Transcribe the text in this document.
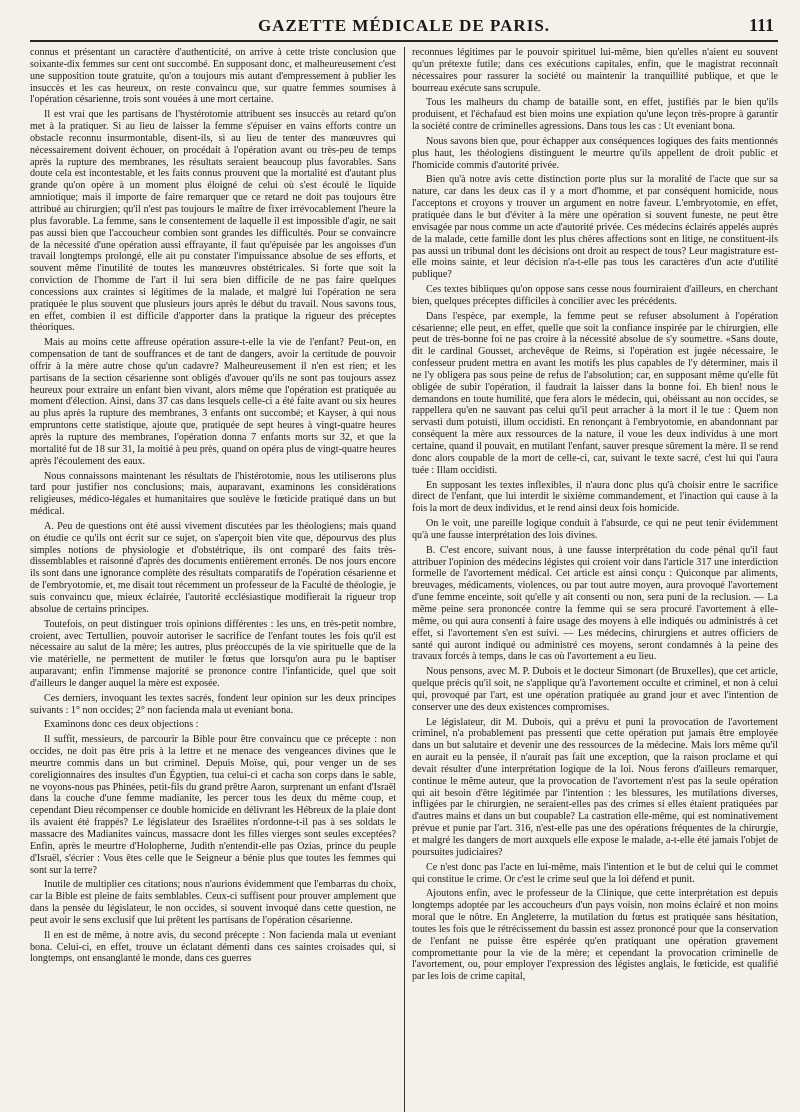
GAZETTE MÉDICALE DE PARIS.	111

connus et présentant un caractère d'authenticité, on arrive à cette triste conclusion que soixante-dix femmes sur cent ont succombé. En supposant donc, et malheureusement c'est une supposition toute gratuite, qu'on a toujours mis autant d'empressement à publier les insuccès et les cas heureux, on reste convaincu que, sur quatre femmes soumises à l'opération césarienne, trois sont vouées à une mort certaine.

Il est vrai que les partisans de l'hystérotomie attribuent ses insuccès au retard qu'on met à la pratiquer. Si au lieu de laisser la femme s'épuiser en vains efforts contre un obstacle reconnu insurmontable, disent-ils, si au lieu de tenter des manœuvres qui nécessairement doivent échouer, on procédait à l'opération avant ou très-peu de temps après la rupture des membranes, les résultats seraient beaucoup plus favorables. Sans doute cela est incontestable, et les faits connus prouvent que la mortalité est d'autant plus grande qu'on opère à un moment plus éloigné de celui où s'est écoulé le liquide amniotique; mais il importe de faire remarquer que ce retard ne doit pas toujours être attribué au chirurgien; qu'il n'est pas toujours le maître de fixer irrévocablement l'heure la plus favorable. La femme, sans le consentement de laquelle il est impossible d'agir, ne sait pas aussi bien que l'accoucheur combien sont grandes les difficultés. Pour se convaincre de la nécessité d'une opération aussi effrayante, il faut qu'épuisée par les angoisses d'un travail longtemps prolongé, elle ait pu constater l'impuissance absolue de ses efforts, et souvent même l'inutilité de toutes les manœuvres obstétricales. Si forte que soit la conviction de l'homme de l'art il lui sera bien difficile de ne pas faire quelques concessions aux craintes si légitimes de la malade, et malgré lui l'opération ne sera pratiquée le plus souvent que plusieurs jours après le début du travail. Nous savons tous, en effet, combien il est difficile d'apporter dans la pratique la rigueur des préceptes théoriques.

Mais au moins cette affreuse opération assure-t-elle la vie de l'enfant? Peut-on, en compensation de tant de souffrances et de tant de dangers, avoir la certitude de pouvoir offrir à la mère autre chose qu'un cadavre? Malheureusement il n'en est rien; et les partisans de la section césarienne sont obligés d'avouer qu'ils ne sont pas toujours assez heureux pour extraire un enfant bien vivant, alors même que l'opération est pratiquée au moment d'élection. Ainsi, dans 37 cas dans lesquels celle-ci a été faite avant ou six heures au plus après la rupture des membranes, 3 enfants ont succombé; et Kayser, à qui nous empruntons cette statistique, ajoute que, pratiquée de sept heures à vingt-quatre heures après la rupture des membranes, l'opération donna 7 enfants morts sur 32, et que la mortalité fut de 18 sur 31, la moitié à peu près, quand on opéra plus de vingt-quatre heures après l'écoulement des eaux.

Nous connaissons maintenant les résultats de l'histérotomie, nous les utiliserons plus tard pour justifier nos conclusions; mais, auparavant, examinons les considérations religieuses, médico-légales et humanitaires que soulève le fœticide pratiqué dans un but médical.

A. Peu de questions ont été aussi vivement discutées par les théologiens; mais quand on étudie ce qu'ils ont écrit sur ce sujet, on s'aperçoit bien vite que, dépourvus des plus simples notions de physiologie et d'obstétrique, ils ont comparé des faits très-dissemblables et raisonné d'après des documents entièrement erronés. De nos jours encore ils sont dans une ignorance complète des résultats comparatifs de l'opération césarienne et de l'embryotomie, et, me disait tout récemment un professeur de la Faculté de théologie, je suis convaincu que, mieux éclairée, l'autorité ecclésiastique modifierait la rigueur trop absolue de certains principes.

Toutefois, on peut distinguer trois opinions différentes : les uns, en très-petit nombre, croient, avec Tertullien, pouvoir autoriser le sacrifice de l'enfant toutes les fois qu'il est nécessaire au salut de la mère; les autres, plus préoccupés de la vie spirituelle que de la vie matérielle, ne permettent de mutiler le fœtus que lorsqu'on aura pu le baptiser auparavant; enfin l'immense majorité se prononce contre l'infanticide, quel que soit d'ailleurs le danger auquel la mère est exposée.

Ces derniers, invoquant les textes sacrés, fondent leur opinion sur les deux principes suivants : 1° non occides; 2° non facienda mala ut eveniant bona.

Examinons donc ces deux objections :

Il suffit, messieurs, de parcourir la Bible pour être convaincu que ce précepte : non occides, ne doit pas être pris à la lettre et ne menace des vengeances divines que le meurtre commis dans un but criminel. Depuis Moïse, qui, pour venger un de ses coreligionnaires des insultes d'un Égyptien, tua celui-ci et cacha son corps dans le sable, ne voyons-nous pas Phinées, petit-fils du grand prêtre Aaron, surprenant un enfant d'Israël dans la couche d'une femme madianite, les percer tous les deux du même coup, et cependant Dieu récompenser ce double homicide en délivrant les Hébreux de la plaie dont ils avaient été frappés? Le législateur des Israélites n'ordonne-t-il pas à ses soldats le massacre des Madianites vaincus, massacre dont les filles vierges sont seules exceptées? Enfin, après le meurtre d'Holopherne, Judith n'entendit-elle pas Ozias, prince du peuple d'Israël, s'écrier : Vous êtes celle que le Seigneur a bénie plus que toutes les femmes qui sont sur la terre?

Inutile de multiplier ces citations; nous n'aurions évidemment que l'embarras du choix, car la Bible est pleine de faits semblables. Ceux-ci suffisent pour prouver amplement que dans la pensée du législateur, le non occides, si souvent invoqué dans cette question, ne peut avoir le sens exclusif que lui prêtent les partisans de l'opération césarienne.

Il en est de même, à notre avis, du second précepte : Non facienda mala ut eveniant bona. Celui-ci, en effet, trouve un éclatant démenti dans ces saintes croisades qui, si longtemps, ont ensanglanté le monde, dans ces guerres

reconnues légitimes par le pouvoir spirituel lui-même, bien qu'elles n'aient eu souvent qu'un prétexte futile; dans ces exécutions capitales, enfin, que le magistrat reconnaît nécessaires pour rassurer la société ou maintenir la tranquillité publique, et que le bourreau exécute sans scrupule.

Tous les malheurs du champ de bataille sont, en effet, justifiés par le bien qu'ils produisent, et l'échafaud est bien moins une expiation qu'une leçon très-propre à garantir la société contre de criminelles agressions. Dans tous les cas : Ut eveniant bona.

Nous savons bien que, pour échapper aux conséquences logiques des faits mentionnés plus haut, les théologiens distinguent le meurtre qu'ils appellent de droit public et l'homicide commis d'autorité privée.

Bien qu'à notre avis cette distinction porte plus sur la moralité de l'acte que sur sa nature, car dans les deux cas il y a mort d'homme, et par conséquent homicide, nous l'acceptons et croyons y trouver un argument en notre faveur. L'embryotomie, en effet, pratiquée dans le but d'éviter à la mère une opération si souvent funeste, ne peut être envisagée par nous comme un acte d'autorité privée. Ces médecins éclairés appelés auprès de la malade, cette famille dont les plus chères affections sont en litige, ne constituent-ils pas aussi un tribunal dont les décisions ont droit au respect de tous? Leur magistrature est-elle moins sainte, et leur décision n'a-t-elle pas tous les caractères d'un acte d'utilité publique?

Ces textes bibliques qu'on oppose sans cesse nous fourniraient d'ailleurs, en cherchant bien, quelques préceptes difficiles à concilier avec les précédents.

Dans l'espèce, par exemple, la femme peut se refuser absolument à l'opération césarienne; elle peut, en effet, quelle que soit la confiance inspirée par le chirurgien, elle peut de très-bonne foi ne pas croire à la nécessité absolue de s'y soumettre. «Sans doute, dit le cardinal Gousset, archevêque de Reims, si l'opération est jugée nécessaire, le confesseur prudent mettra en avant les motifs les plus capables de l'y déterminer, mais il ne l'y obligera pas sous peine de refus de l'absolution; car, en supposant même qu'elle fût obligée de subir l'opération, il faudrait la laisser dans la bonne foi. Eh bien! nous le demandons en toute humilité, que fera alors le médecin, qui, obéissant au non occides, se rappellera qu'en ne sauvant pas celui qu'il peut arracher à la mort il le tue : Quem non servasti dum potuisti, illum occidisti. En renonçant à l'embryotomie, en abandonnant par conséquent la mère aux ressources de la nature, il voue les deux individus à une mort certaine, quand il pouvait, en mutilant l'enfant, sauver presque sûrement la mère. Il se rend donc alors coupable de la mort de celle-ci, car, suivant le texte sacré, c'est lui qui l'aura tuée : Illam occidisti.

En supposant les textes inflexibles, il n'aura donc plus qu'à choisir entre le sacrifice direct de l'enfant, que lui interdit le sixième commandement, et l'inaction qui cause à la fois la mort de deux individus, et le rend ainsi deux fois homicide.

On le voit, une pareille logique conduit à l'absurde, ce qui ne peut tenir évidemment qu'à une fausse interprétation des lois divines.

B. C'est encore, suivant nous, à une fausse interprétation du code pénal qu'il faut attribuer l'opinion des médecins légistes qui croient voir dans l'article 317 une interdiction formelle de l'avortement médical. Cet article est ainsi conçu : Quiconque par aliments, breuvages, médicaments, violences, ou par tout autre moyen, aura provoqué l'avortement d'une femme enceinte, soit qu'elle y ait consenti ou non, sera puni de la reclusion. — La même peine sera prononcée contre la femme qui se sera procuré l'avortement à elle-même, ou qui aura consenti à faire usage des moyens à elle indiqués ou administrés à cet effet, si l'avortement s'en est suivi. — Les médecins, chirurgiens et autres officiers de santé qui auront indiqué ou administré ces moyens, seront condamnés à la peine des travaux forcés à temps, dans le cas où l'avortement a eu lieu.

Nous pensons, avec M. P. Dubois et le docteur Simonart (de Bruxelles), que cet article, quelque précis qu'il soit, ne s'applique qu'à l'avortement occulte et criminel, et non à celui qui, provoqué par l'art, est une opération pratiquée au grand jour et avec l'intention de conserver une des deux existences compromises.

Le législateur, dit M. Dubois, qui a prévu et puni la provocation de l'avortement criminel, n'a probablement pas pressenti que cette opération put jamais être employée dans un but salutaire et devenir une des ressources de la médecine. Mais lors même qu'il en aurait eu la pensée, il n'aurait pas fait une exception, que la raison proclame et qui devait résulter d'une interprétation logique de la loi. Nous ferons d'ailleurs remarquer, continue le même auteur, que la provocation de l'avortement n'est pas la seule opération qui ait besoin d'être légitimée par l'intention : les blessures, les mutilations diverses, infligées par le chirurgien, ne seraient-elles pas des crimes si elles étaient pratiquées par d'autres mains et dans un but coupable? La castration elle-même, qui est nominativement prévue et punie par l'art. 316, n'est-elle pas une des opérations fréquentes de la chirurgie, et malgré les dangers de mort auxquels elle expose le malade, a-t-elle été jamais l'objet de poursuites judiciaires?

Ce n'est donc pas l'acte en lui-même, mais l'intention et le but de celui qui le commet qui constitue le crime. Or c'est le crime seul que la loi défend et punit.

Ajoutons enfin, avec le professeur de la Clinique, que cette interprétation est depuis longtemps adoptée par les accoucheurs d'un pays voisin, non moins éclairé et non moins moral que le nôtre. En Angleterre, la mutilation du fœtus est pratiquée sans hésitation, toutes les fois que le rétrécissement du bassin est assez prononcé pour que la conservation de l'enfant ne puisse être espérée qu'en pratiquant une opération gravement compromettante pour la vie de la mère; et cependant la provocation criminelle de l'avortement, ou, pour employer l'expression des légistes anglais, le fœticide, est qualifié par les lois de crime capital,
